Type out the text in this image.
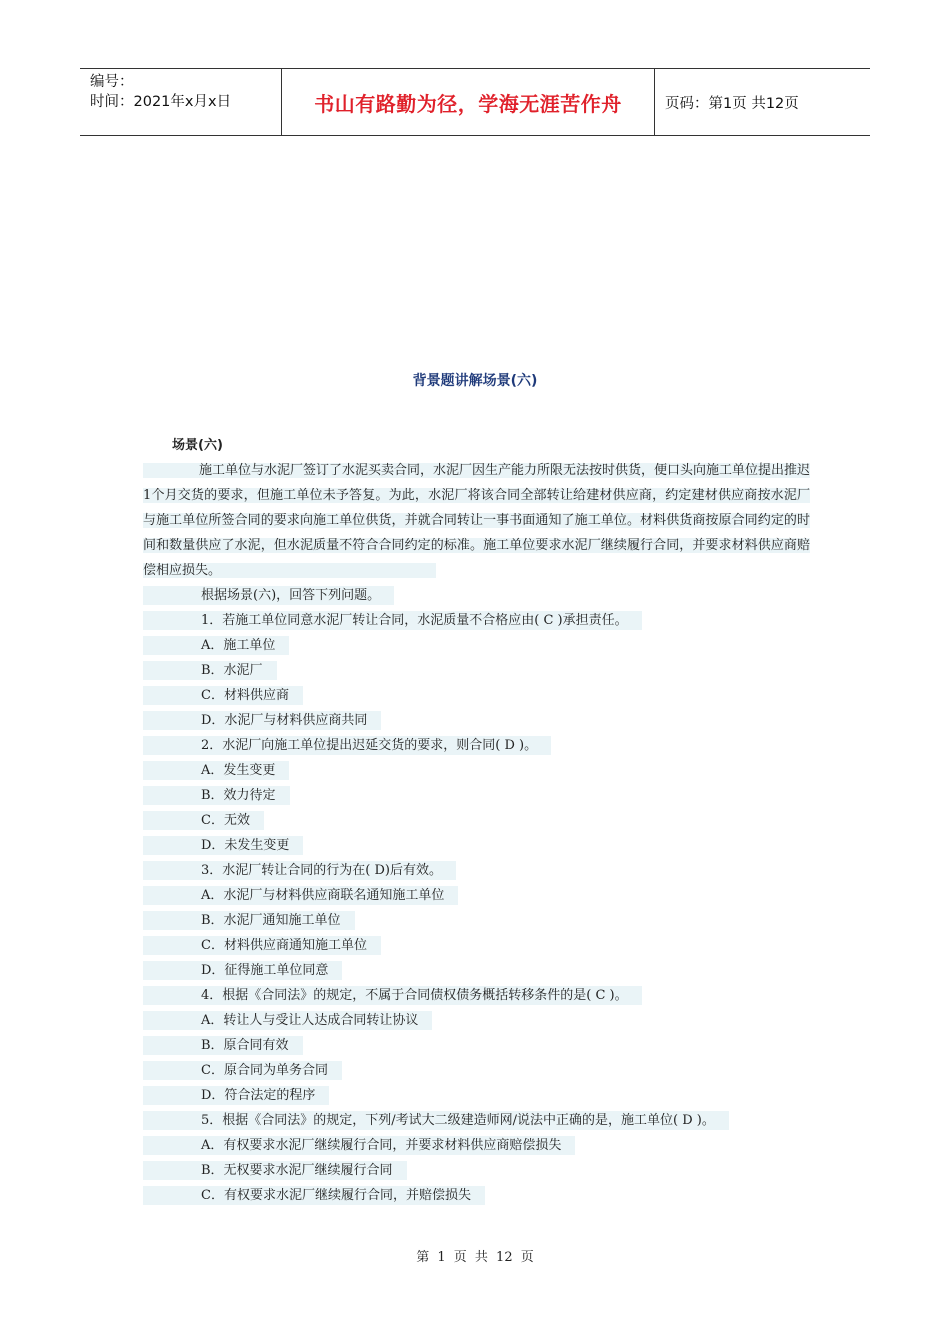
编号：
时间：2021年x月x日	书山有路勤为径，学海无涯苦作舟	页码：第1页 共12页
背景题讲解场景(六)
场景(六)
施工单位与水泥厂签订了水泥买卖合同，水泥厂因生产能力所限无法按时供货，便口头向施工单位提出推迟1个月交货的要求，但施工单位未予答复。为此，水泥厂将该合同全部转让给建材供应商，约定建材供应商按水泥厂与施工单位所签合同的要求向施工单位供货，并就合同转让一事书面通知了施工单位。材料供货商按原合同约定的时间和数量供应了水泥，但水泥质量不符合合同约定的标准。施工单位要求水泥厂继续履行合同，并要求材料供应商赔偿相应损失。
根据场景(六)，回答下列问题。
1．若施工单位同意水泥厂转让合同，水泥质量不合格应由( C )承担责任。
A．施工单位
B．水泥厂
C．材料供应商
D．水泥厂与材料供应商共同
2．水泥厂向施工单位提出迟延交货的要求，则合同( D )。
A．发生变更
B．效力待定
C．无效
D．未发生变更
3．水泥厂转让合同的行为在( D)后有效。
A．水泥厂与材料供应商联名通知施工单位
B．水泥厂通知施工单位
C．材料供应商通知施工单位
D．征得施工单位同意
4．根据《合同法》的规定，不属于合同债权债务概括转移条件的是( C )。
A．转让人与受让人达成合同转让协议
B．原合同有效
C．原合同为单务合同
D．符合法定的程序
5．根据《合同法》的规定，下列/考试大二级建造师网/说法中正确的是，施工单位( D )。
A．有权要求水泥厂继续履行合同，并要求材料供应商赔偿损失
B．无权要求水泥厂继续履行合同
C．有权要求水泥厂继续履行合同，并赔偿损失
第 1 页 共 12 页
